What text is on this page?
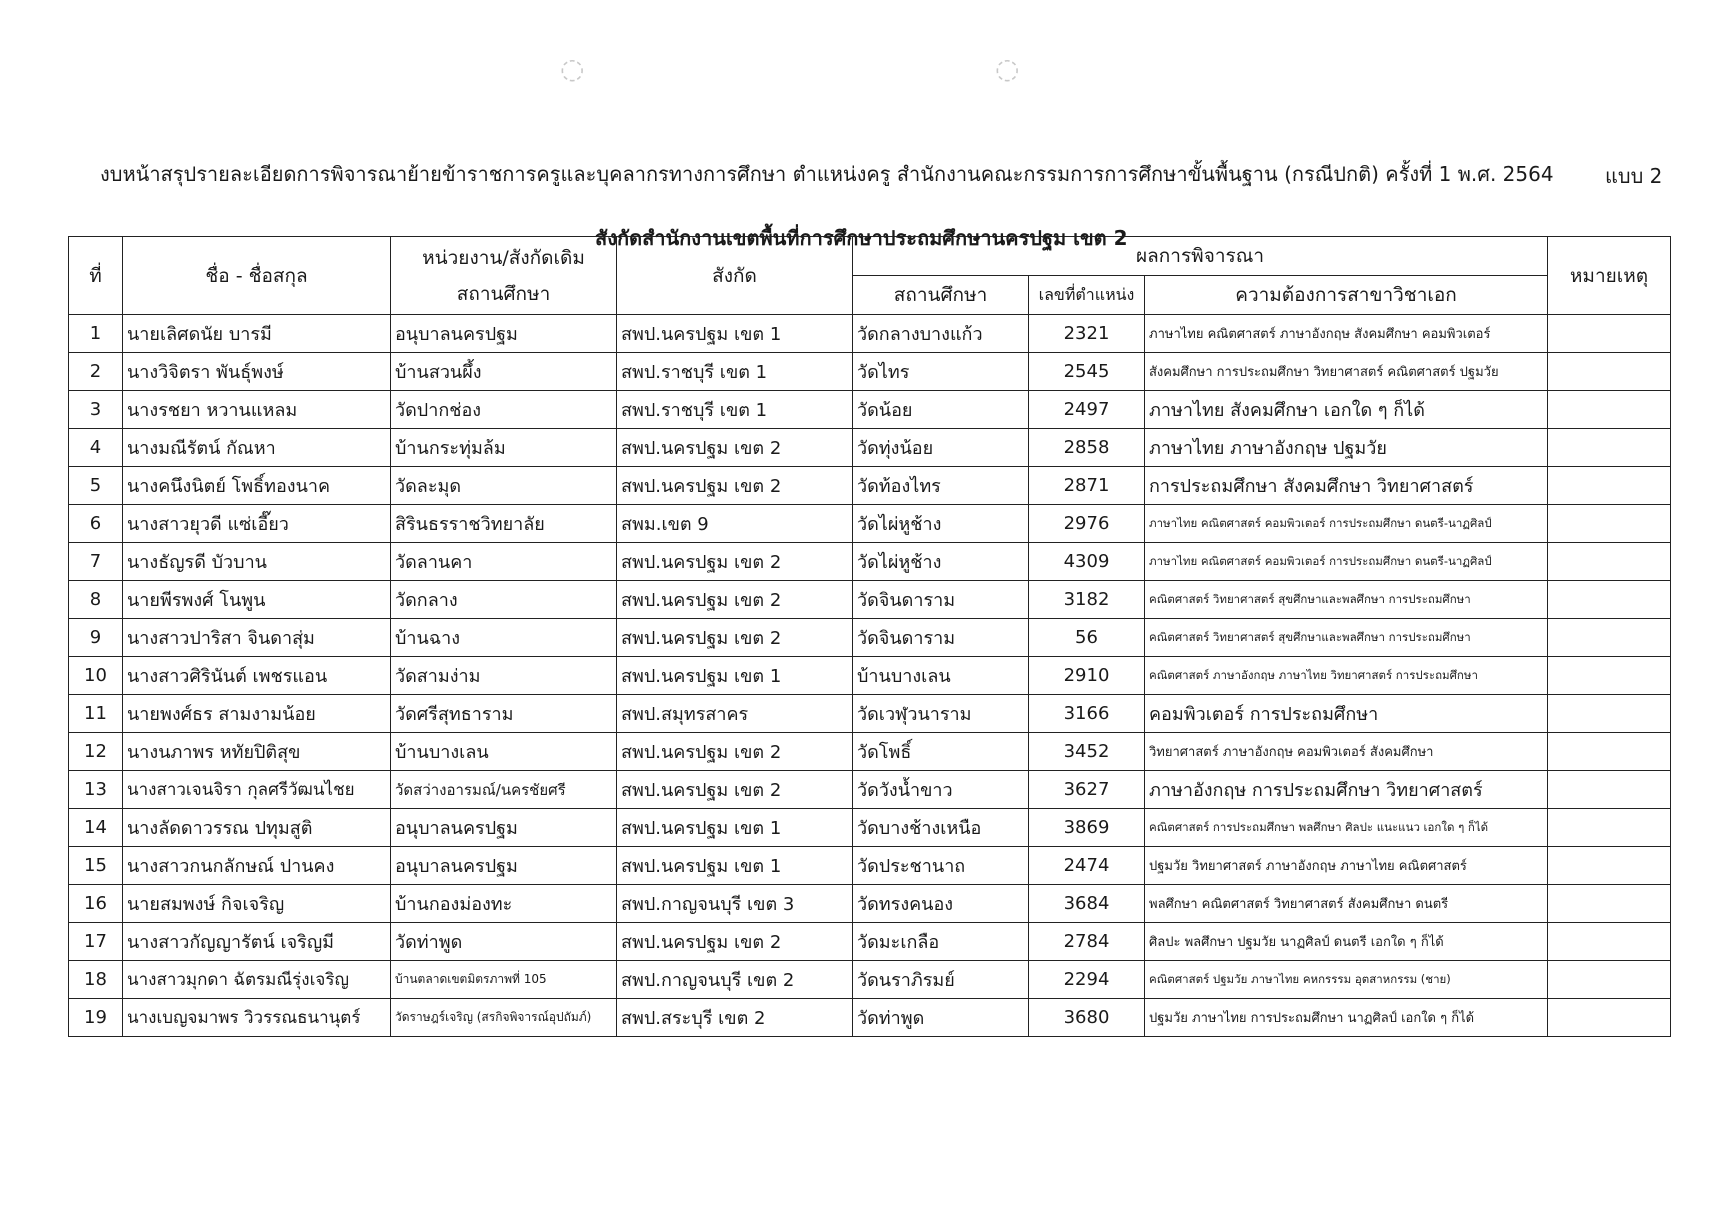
◌	◌
แบบ 2
งบหน้าสรุปรายละเอียดการพิจารณาย้ายข้าราชการครูและบุคลากรทางการศึกษา ตำแหน่งครู สำนักงานคณะกรรมการการศึกษาขั้นพื้นฐาน (กรณีปกติ) ครั้งที่ 1 พ.ศ. 2564
สังกัดสำนักงานเขตพื้นที่การศึกษาประถมศึกษานครปฐม เขต 2
ที่	ชื่อ - ชื่อสกุล	หน่วยงาน/สังกัดเดิม
สถานศึกษา	สังกัด	ผลการพิจารณา			หมายเหตุ
				สถานศึกษา	เลขที่ตำแหน่ง	ความต้องการสาขาวิชาเอก	
1	นายเลิศดนัย บารมี	อนุบาลนครปฐม	สพป.นครปฐม เขต 1	วัดกลางบางแก้ว	2321	ภาษาไทย คณิตศาสตร์ ภาษาอังกฤษ สังคมศึกษา คอมพิวเตอร์	
2	นางวิจิตรา พันธุ์พงษ์	บ้านสวนผึ้ง	สพป.ราชบุรี เขต 1	วัดไทร	2545	สังคมศึกษา การประถมศึกษา วิทยาศาสตร์ คณิตศาสตร์ ปฐมวัย	
3	นางรชยา หวานแหลม	วัดปากช่อง	สพป.ราชบุรี เขต 1	วัดน้อย	2497	ภาษาไทย สังคมศึกษา เอกใด ๆ ก็ได้	
4	นางมณีรัตน์ กัณหา	บ้านกระทุ่มล้ม	สพป.นครปฐม เขต 2	วัดทุ่งน้อย	2858	ภาษาไทย ภาษาอังกฤษ ปฐมวัย	
5	นางคนึงนิตย์ โพธิ์ทองนาค	วัดละมุด	สพป.นครปฐม เขต 2	วัดท้องไทร	2871	การประถมศึกษา สังคมศึกษา วิทยาศาสตร์	
6	นางสาวยุวดี แซ่เอี๊ยว	สิรินธรราชวิทยาลัย	สพม.เขต 9	วัดไผ่หูช้าง	2976	ภาษาไทย คณิตศาสตร์ คอมพิวเตอร์ การประถมศึกษา ดนตรี-นาฏศิลป์	
7	นางธัญรดี บัวบาน	วัดลานคา	สพป.นครปฐม เขต 2	วัดไผ่หูช้าง	4309	ภาษาไทย คณิตศาสตร์ คอมพิวเตอร์ การประถมศึกษา ดนตรี-นาฏศิลป์	
8	นายพีรพงศ์ โนพูน	วัดกลาง	สพป.นครปฐม เขต 2	วัดจินดาราม	3182	คณิตศาสตร์ วิทยาศาสตร์ สุขศึกษาและพลศึกษา การประถมศึกษา	
9	นางสาวปาริสา จินดาสุ่ม	บ้านฉาง	สพป.นครปฐม เขต 2	วัดจินดาราม	56	คณิตศาสตร์ วิทยาศาสตร์ สุขศึกษาและพลศึกษา การประถมศึกษา	
10	นางสาวศิรินันต์ เพชรแอน	วัดสามง่าม	สพป.นครปฐม เขต 1	บ้านบางเลน	2910	คณิตศาสตร์ ภาษาอังกฤษ ภาษาไทย วิทยาศาสตร์ การประถมศึกษา	
11	นายพงศ์ธร สามงามน้อย	วัดศรีสุทธาราม	สพป.สมุทรสาคร	วัดเวฬุวนาราม	3166	คอมพิวเตอร์ การประถมศึกษา	
12	นางนภาพร หทัยปิติสุข	บ้านบางเลน	สพป.นครปฐม เขต 2	วัดโพธิ์	3452	วิทยาศาสตร์ ภาษาอังกฤษ คอมพิวเตอร์ สังคมศึกษา	
13	นางสาวเจนจิรา กุลศรีวัฒนไชย	วัดสว่างอารมณ์/นครชัยศรี	สพป.นครปฐม เขต 2	วัดวังน้ำขาว	3627	ภาษาอังกฤษ การประถมศึกษา วิทยาศาสตร์	
14	นางลัดดาวรรณ ปทุมสูติ	อนุบาลนครปฐม	สพป.นครปฐม เขต 1	วัดบางช้างเหนือ	3869	คณิตศาสตร์ การประถมศึกษา พลศึกษา ศิลปะ แนะแนว เอกใด ๆ ก็ได้	
15	นางสาวกนกลักษณ์ ปานคง	อนุบาลนครปฐม	สพป.นครปฐม เขต 1	วัดประชานาถ	2474	ปฐมวัย วิทยาศาสตร์ ภาษาอังกฤษ ภาษาไทย คณิตศาสตร์	
16	นายสมพงษ์ กิจเจริญ	บ้านกองม่องทะ	สพป.กาญจนบุรี เขต 3	วัดทรงคนอง	3684	พลศึกษา คณิตศาสตร์ วิทยาศาสตร์ สังคมศึกษา ดนตรี	
17	นางสาวกัญญารัตน์ เจริญมี	วัดท่าพูด	สพป.นครปฐม เขต 2	วัดมะเกลือ	2784	ศิลปะ พลศึกษา ปฐมวัย นาฏศิลป์ ดนตรี เอกใด ๆ ก็ได้	
18	นางสาวมุกดา ฉัตรมณีรุ่งเจริญ	บ้านตลาดเขตมิตรภาพที่ 105	สพป.กาญจนบุรี เขต 2	วัดนราภิรมย์	2294	คณิตศาสตร์ ปฐมวัย ภาษาไทย คหกรรรม อุตสาหกรรม (ชาย)	
19	นางเบญจมาพร วิวรรณธนานุตร์	วัดราษฎร์เจริญ (สรกิจพิจารณ์อุปถัมภ์)	สพป.สระบุรี เขต 2	วัดท่าพูด	3680	ปฐมวัย ภาษาไทย การประถมศึกษา นาฏศิลป์ เอกใด ๆ ก็ได้	
